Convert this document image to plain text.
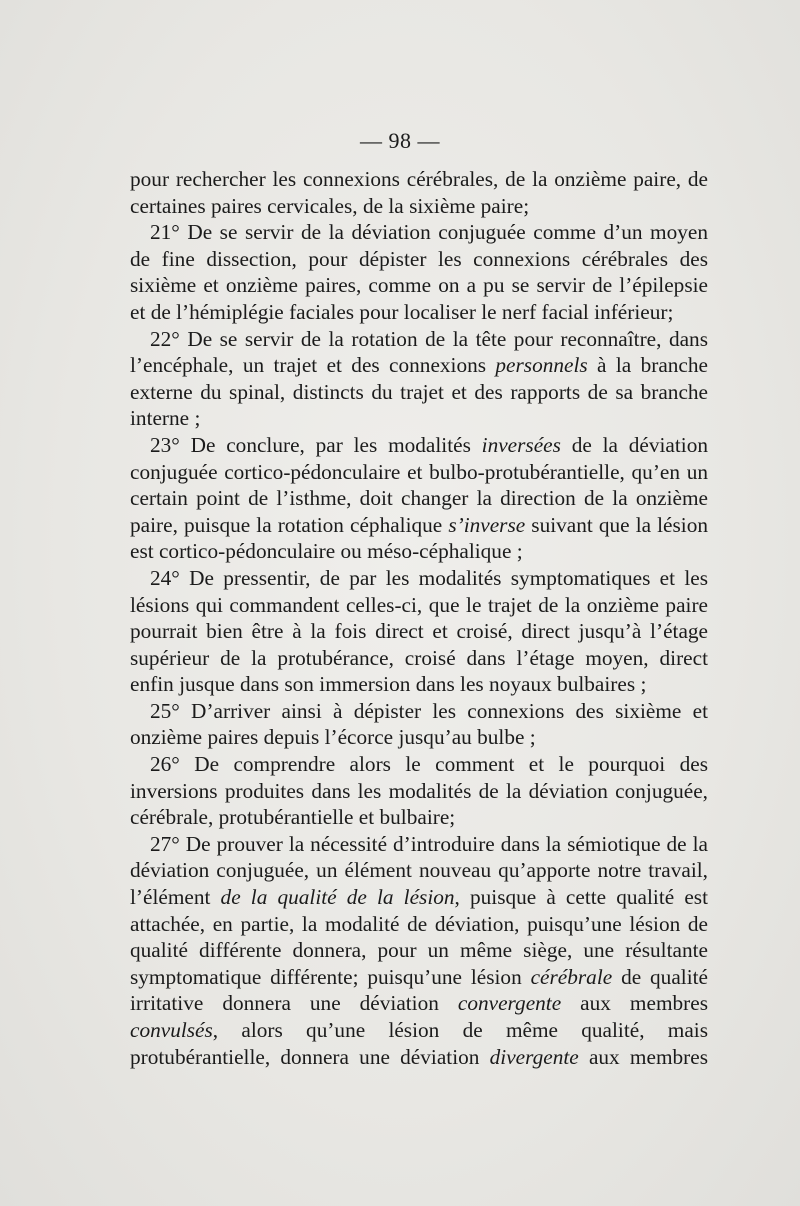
— 98 —

pour rechercher les connexions cérébrales, de la onzième paire, de certaines paires cervicales, de la sixième paire;

21° De se servir de la déviation conjuguée comme d’un moyen de fine dissection, pour dépister les connexions cérébrales des sixième et onzième paires, comme on a pu se servir de l’épilepsie et de l’hémiplégie faciales pour localiser le nerf facial inférieur;

22° De se servir de la rotation de la tête pour reconnaître, dans l’encéphale, un trajet et des connexions personnels à la branche externe du spinal, distincts du trajet et des rapports de sa branche interne ;

23° De conclure, par les modalités inversées de la déviation conjuguée cortico-pédonculaire et bulbo-protubérantielle, qu’en un certain point de l’isthme, doit changer la direction de la onzième paire, puisque la rotation céphalique s’inverse suivant que la lésion est cortico-pédonculaire ou méso-céphalique ;

24° De pressentir, de par les modalités symptomatiques et les lésions qui commandent celles-ci, que le trajet de la onzième paire pourrait bien être à la fois direct et croisé, direct jusqu’à l’étage supérieur de la protubérance, croisé dans l’étage moyen, direct enfin jusque dans son immersion dans les noyaux bulbaires ;

25° D’arriver ainsi à dépister les connexions des sixième et onzième paires depuis l’écorce jusqu’au bulbe ;

26° De comprendre alors le comment et le pourquoi des inversions produites dans les modalités de la déviation conjuguée, cérébrale, protubérantielle et bulbaire;

27° De prouver la nécessité d’introduire dans la sémiotique de la déviation conjuguée, un élément nouveau qu’apporte notre travail, l’élément de la qualité de la lésion, puisque à cette qualité est attachée, en partie, la modalité de déviation, puisqu’une lésion de qualité différente donnera, pour un même siège, une résultante symptomatique différente; puisqu’une lésion cérébrale de qualité irritative donnera une déviation convergente aux membres convulsés, alors qu’une lésion de même qualité, mais protubérantielle, donnera une déviation divergente aux membres
